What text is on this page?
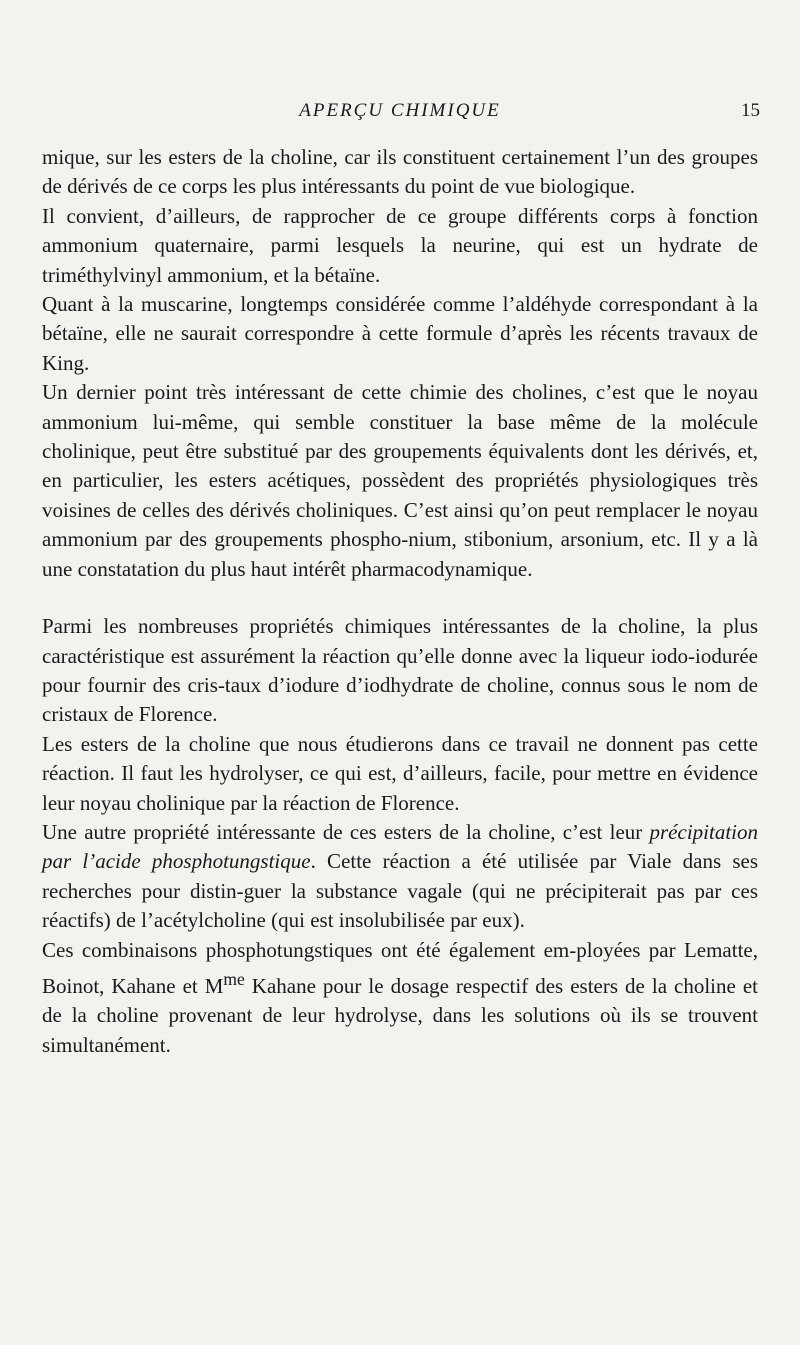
APERÇU CHIMIQUE	15

mique, sur les esters de la choline, car ils constituent certainement l’un des groupes de dérivés de ce corps les plus intéressants du point de vue biologique.

Il convient, d’ailleurs, de rapprocher de ce groupe différents corps à fonction ammonium quaternaire, parmi lesquels la neurine, qui est un hydrate de triméthylvinyl ammonium, et la bétaïne.

Quant à la muscarine, longtemps considérée comme l’aldéhyde correspondant à la bétaïne, elle ne saurait correspondre à cette formule d’après les récents travaux de King.

Un dernier point très intéressant de cette chimie des cholines, c’est que le noyau ammonium lui-même, qui semble constituer la base même de la molécule cholinique, peut être substitué par des groupements équivalents dont les dérivés, et, en particulier, les esters acétiques, possèdent des propriétés physiologiques très voisines de celles des dérivés choliniques. C’est ainsi qu’on peut remplacer le noyau ammonium par des groupements phospho-nium, stibonium, arsonium, etc. Il y a là une constatation du plus haut intérêt pharmacodynamique.

Parmi les nombreuses propriétés chimiques intéressantes de la choline, la plus caractéristique est assurément la réaction qu’elle donne avec la liqueur iodo-iodurée pour fournir des cris-taux d’iodure d’iodhydrate de choline, connus sous le nom de cristaux de Florence.

Les esters de la choline que nous étudierons dans ce travail ne donnent pas cette réaction. Il faut les hydrolyser, ce qui est, d’ailleurs, facile, pour mettre en évidence leur noyau cholinique par la réaction de Florence.

Une autre propriété intéressante de ces esters de la choline, c’est leur précipitation par l’acide phosphotungstique. Cette réaction a été utilisée par Viale dans ses recherches pour distin-guer la substance vagale (qui ne précipiterait pas par ces réactifs) de l’acétylcholine (qui est insolubilisée par eux).

Ces combinaisons phosphotungstiques ont été également em-ployées par Lematte, Boinot, Kahane et $M^{me}$ Kahane pour le dosage respectif des esters de la choline et de la choline provenant de leur hydrolyse, dans les solutions où ils se trouvent simultanément.
